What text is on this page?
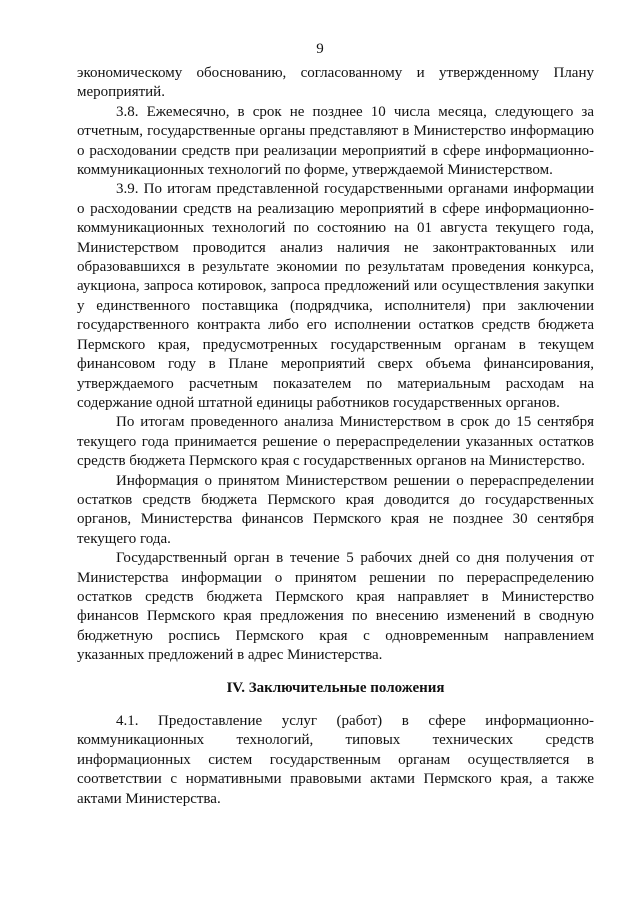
9

экономическому обоснованию, согласованному и утвержденному Плану мероприятий.

3.8. Ежемесячно, в срок не позднее 10 числа месяца, следующего за отчетным, государственные органы представляют в Министерство информацию о расходовании средств при реализации мероприятий в сфере информационно-коммуникационных технологий по форме, утверждаемой Министерством.

3.9. По итогам представленной государственными органами информации о расходовании средств на реализацию мероприятий в сфере информационно-коммуникационных технологий по состоянию на 01 августа текущего года, Министерством проводится анализ наличия не законтрактованных или образовавшихся в результате экономии по результатам проведения конкурса, аукциона, запроса котировок, запроса предложений или осуществления закупки у единственного поставщика (подрядчика, исполнителя) при заключении государственного контракта либо его исполнении остатков средств бюджета Пермского края, предусмотренных государственным органам в текущем финансовом году в Плане мероприятий сверх объема финансирования, утверждаемого расчетным показателем по материальным расходам на содержание одной штатной единицы работников государственных органов.

По итогам проведенного анализа Министерством в срок до 15 сентября текущего года принимается решение о перераспределении указанных остатков средств бюджета Пермского края с государственных органов на Министерство.

Информация о принятом Министерством решении о перераспределении остатков средств бюджета Пермского края доводится до государственных органов, Министерства финансов Пермского края не позднее 30 сентября текущего года.

Государственный орган в течение 5 рабочих дней со дня получения от Министерства информации о принятом решении по перераспределению остатков средств бюджета Пермского края направляет в Министерство финансов Пермского края предложения по внесению изменений в сводную бюджетную роспись Пермского края с одновременным направлением указанных предложений в адрес Министерства.

IV. Заключительные положения

4.1. Предоставление услуг (работ) в сфере информационно-коммуникационных технологий, типовых технических средств информационных систем государственным органам осуществляется в соответствии с нормативными правовыми актами Пермского края, а также актами Министерства.
